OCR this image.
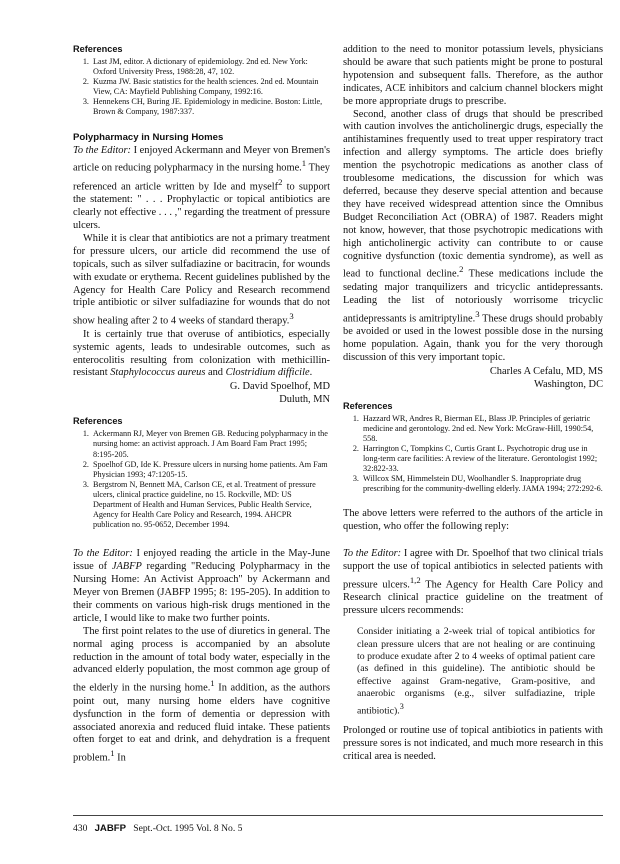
References
1. Last JM, editor. A dictionary of epidemiology. 2nd ed. New York: Oxford University Press, 1988:28, 47, 102.
2. Kuzma JW. Basic statistics for the health sciences. 2nd ed. Mountain View, CA: Mayfield Publishing Company, 1992:16.
3. Hennekens CH, Buring JE. Epidemiology in medicine. Boston: Little, Brown & Company, 1987:337.
Polypharmacy in Nursing Homes

To the Editor: I enjoyed Ackermann and Meyer von Bremen's article on reducing polypharmacy in the nursing home.$^1$ They referenced an article written by Ide and myself$^2$ to support the statement: " . . . Prophylactic or topical antibiotics are clearly not effective . . . ," regarding the treatment of pressure ulcers.

While it is clear that antibiotics are not a primary treatment for pressure ulcers, our article did recommend the use of topicals, such as silver sulfadiazine or bacitracin, for wounds with exudate or erythema. Recent guidelines published by the Agency for Health Care Policy and Research recommend triple antibiotic or silver sulfadiazine for wounds that do not show healing after 2 to 4 weeks of standard therapy.$^3$

It is certainly true that overuse of antibiotics, especially systemic agents, leads to undesirable outcomes, such as enterocolitis resulting from colonization with methicillin-resistant Staphylococcus aureus and Clostridium difficile.

G. David Spoelhof, MD
Duluth, MN
References
1. Ackermann RJ, Meyer von Bremen GB. Reducing polypharmacy in the nursing home: an activist approach. J Am Board Fam Pract 1995; 8:195-205.
2. Spoelhof GD, Ide K. Pressure ulcers in nursing home patients. Am Fam Physician 1993; 47:1205-15.
3. Bergstrom N, Bennett MA, Carlson CE, et al. Treatment of pressure ulcers, clinical practice guideline, no 15. Rockville, MD: US Department of Health and Human Services, Public Health Service, Agency for Health Care Policy and Research, 1994. AHCPR publication no. 95-0652, December 1994.

To the Editor: I enjoyed reading the article in the May-June issue of JABFP regarding "Reducing Polypharmacy in the Nursing Home: An Activist Approach" by Ackermann and Meyer von Bremen (JABFP 1995; 8: 195-205). In addition to their comments on various high-risk drugs mentioned in the article, I would like to make two further points.

The first point relates to the use of diuretics in general. The normal aging process is accompanied by an absolute reduction in the amount of total body water, especially in the advanced elderly population, the most common age group of the elderly in the nursing home.$^1$ In addition, as the authors point out, many nursing home elders have cognitive dysfunction in the form of dementia or depression with associated anorexia and reduced fluid intake. These patients often forget to eat and drink, and dehydration is a frequent problem.$^1$ In

addition to the need to monitor potassium levels, physicians should be aware that such patients might be prone to postural hypotension and subsequent falls. Therefore, as the author indicates, ACE inhibitors and calcium channel blockers might be more appropriate drugs to prescribe.

Second, another class of drugs that should be prescribed with caution involves the anticholinergic drugs, especially the antihistamines frequently used to treat upper respiratory tract infection and allergy symptoms. The article does briefly mention the psychotropic medications as another class of troublesome medications, the discussion for which was deferred, because they deserve special attention and because they have received widespread attention since the Omnibus Budget Reconciliation Act (OBRA) of 1987. Readers might not know, however, that those psychotropic medications with high anticholinergic activity can contribute to or cause cognitive dysfunction (toxic dementia syndrome), as well as lead to functional decline.$^2$ These medications include the sedating major tranquilizers and tricyclic antidepressants. Leading the list of notoriously worrisome tricyclic antidepressants is amitriptyline.$^3$ These drugs should probably be avoided or used in the lowest possible dose in the nursing home population. Again, thank you for the very thorough discussion of this very important topic.

Charles A Cefalu, MD, MS
Washington, DC
References
1. Hazzard WR, Andres R, Bierman EL, Blass JP. Principles of geriatric medicine and gerontology. 2nd ed. New York: McGraw-Hill, 1990:54, 558.
2. Harrington C, Tompkins C, Curtis Grant L. Psychotropic drug use in long-term care facilities: A review of the literature. Gerontologist 1992; 32:822-33.
3. Willcox SM, Himmelstein DU, Woolhandler S. Inappropriate drug prescribing for the community-dwelling elderly. JAMA 1994; 272:292-6.

The above letters were referred to the authors of the article in question, who offer the following reply:

To the Editor: I agree with Dr. Spoelhof that two clinical trials support the use of topical antibiotics in selected patients with pressure ulcers.$^{1,2}$ The Agency for Health Care Policy and Research clinical practice guideline on the treatment of pressure ulcers recommends:

Consider initiating a 2-week trial of topical antibiotics for clean pressure ulcers that are not healing or are continuing to produce exudate after 2 to 4 weeks of optimal patient care (as defined in this guideline). The antibiotic should be effective against Gram-negative, Gram-positive, and anaerobic organisms (e.g., silver sulfadiazine, triple antibiotic).$^3$

Prolonged or routine use of topical antibiotics in patients with pressure sores is not indicated, and much more research in this critical area is needed.

430 JABFP Sept.-Oct. 1995 Vol. 8 No. 5
